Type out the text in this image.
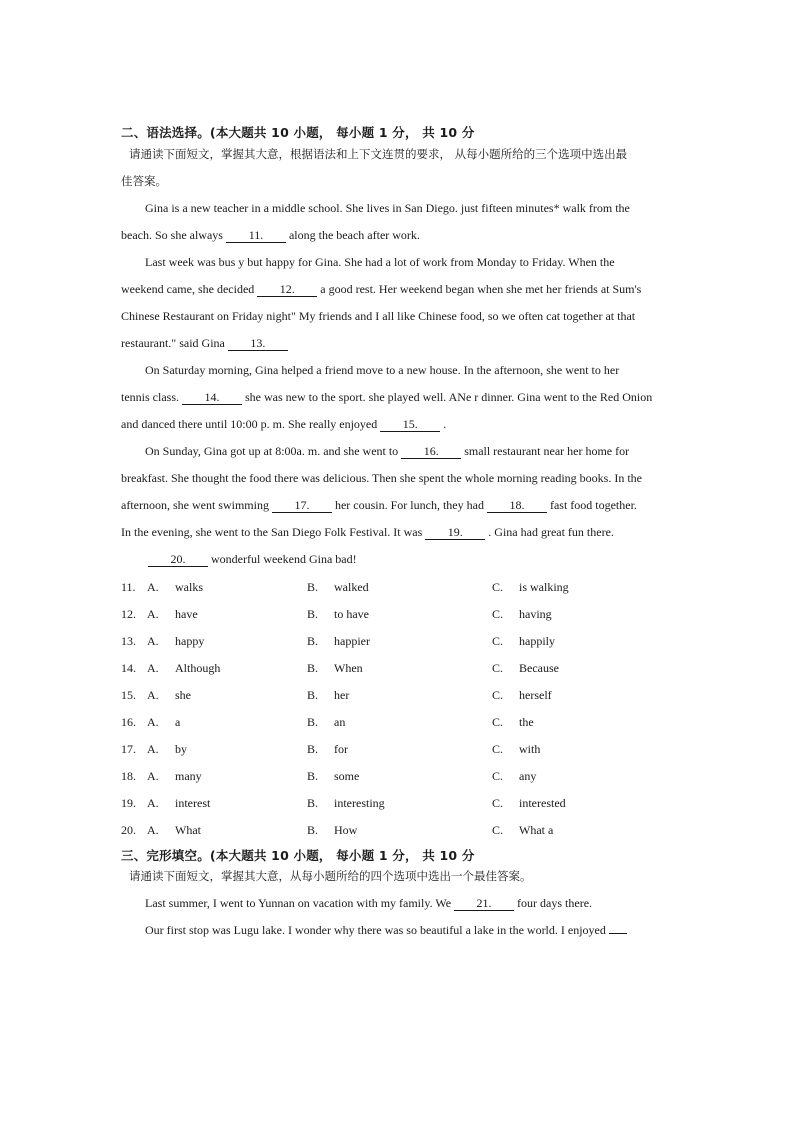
二、语法选择。(本大题共 10 小题， 每小题 1 分， 共 10 分
请通读下面短文，掌握其大意，根据语法和上下文连贯的要求， 从每小题所给的三个选项中选出最
佳答案。
Gina is a new teacher in a middle school. She lives in San Diego. just fifteen minutes* walk from the
beach. So she always 11. along the beach after work.
Last week was bus y but happy for Gina. She had a lot of work from Monday to Friday. When the
weekend came, she decided 12. a good rest. Her weekend began when she met her friends at Sum's
Chinese Restaurant on Friday night" My friends and I all like Chinese food, so we often cat together at that
restaurant." said Gina 13.
On Saturday morning, Gina helped a friend move to a new house. In the afternoon, she went to her
tennis class. 14. she was new to the sport. she played well. ANe r dinner. Gina went to the Red Onion
and danced there until 10:00 p. m. She really enjoyed 15. .
On Sunday, Gina got up at 8:00a. m. and she went to 16. small restaurant near her home for
breakfast. She thought the food there was delicious. Then she spent the whole morning reading books. In the
afternoon, she went swimming 17. her cousin. For lunch, they had 18. fast food together.
In the evening, she went to the San Diego Folk Festival. It was 19. . Gina had great fun there.
20. wonderful weekend Gina bad!
11. A. walks	B. walked	C. is walking
12. A. have	B. to have	C. having
13. A. happy	B. happier	C. happily
14. A. Although	B. When	C. Because
15. A. she	B. her	C. herself
16. A. a	B. an	C. the
17. A. by	B. for	C. with
18. A. many	B. some	C. any
19. A. interest	B. interesting	C. interested
20. A. What	B. How	C. What a
三、完形填空。(本大题共 10 小题， 每小题 1 分， 共 10 分
请通读下面短文，掌握其大意，从每小题所给的四个选项中选出一个最佳答案。
Last summer, I went to Yunnan on vacation with my family. We 21. four days there.
Our first stop was Lugu lake. I wonder why there was so beautiful a lake in the world. I enjoyed
